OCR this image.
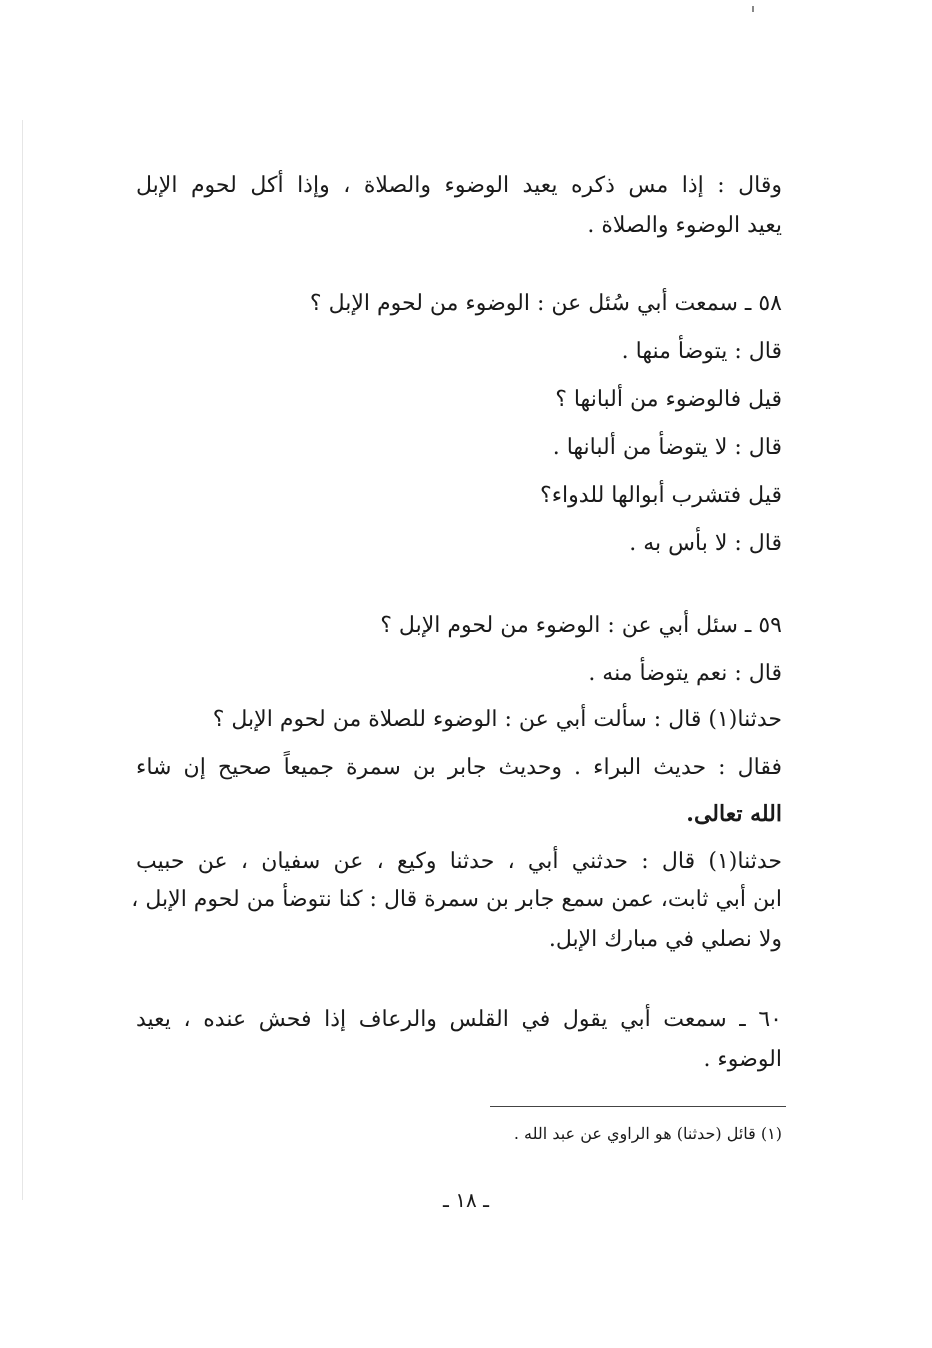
وقال : إذا مس ذكره يعيد الوضوء والصلاة ، وإذا أكل لحوم الإبل
يعيد الوضوء والصلاة .
٥٨ ـ سمعت أبي سُئل عن : الوضوء من لحوم الإبل ؟
قال : يتوضأ منها .
قيل فالوضوء من ألبانها ؟
قال : لا يتوضأ من ألبانها .
قيل فتشرب أبوالها للدواء؟
قال : لا بأس به .
٥٩ ـ سئل أبي عن : الوضوء من لحوم الإبل ؟
قال : نعم يتوضأ منه .
حدثنا(١) قال : سألت أبي عن : الوضوء للصلاة من لحوم الإبل ؟
فقال : حديث البراء . وحديث جابر بن سمرة جميعاً صحيح إن شاء
الله تعالى.
حدثنا(١) قال : حدثني أبي ، حدثنا وكيع ، عن سفيان ، عن حبيب
ابن أبي ثابت، عمن سمع جابر بن سمرة قال : كنا نتوضأ من لحوم الإبل ،
ولا نصلي في مبارك الإبل.
٦٠ ـ سمعت أبي يقول في القلس والرعاف إذا فحش عنده ، يعيد
الوضوء .
(١) قائل (حدثنا) هو الراوي عن عبد الله .
ـ ١٨ ـ
